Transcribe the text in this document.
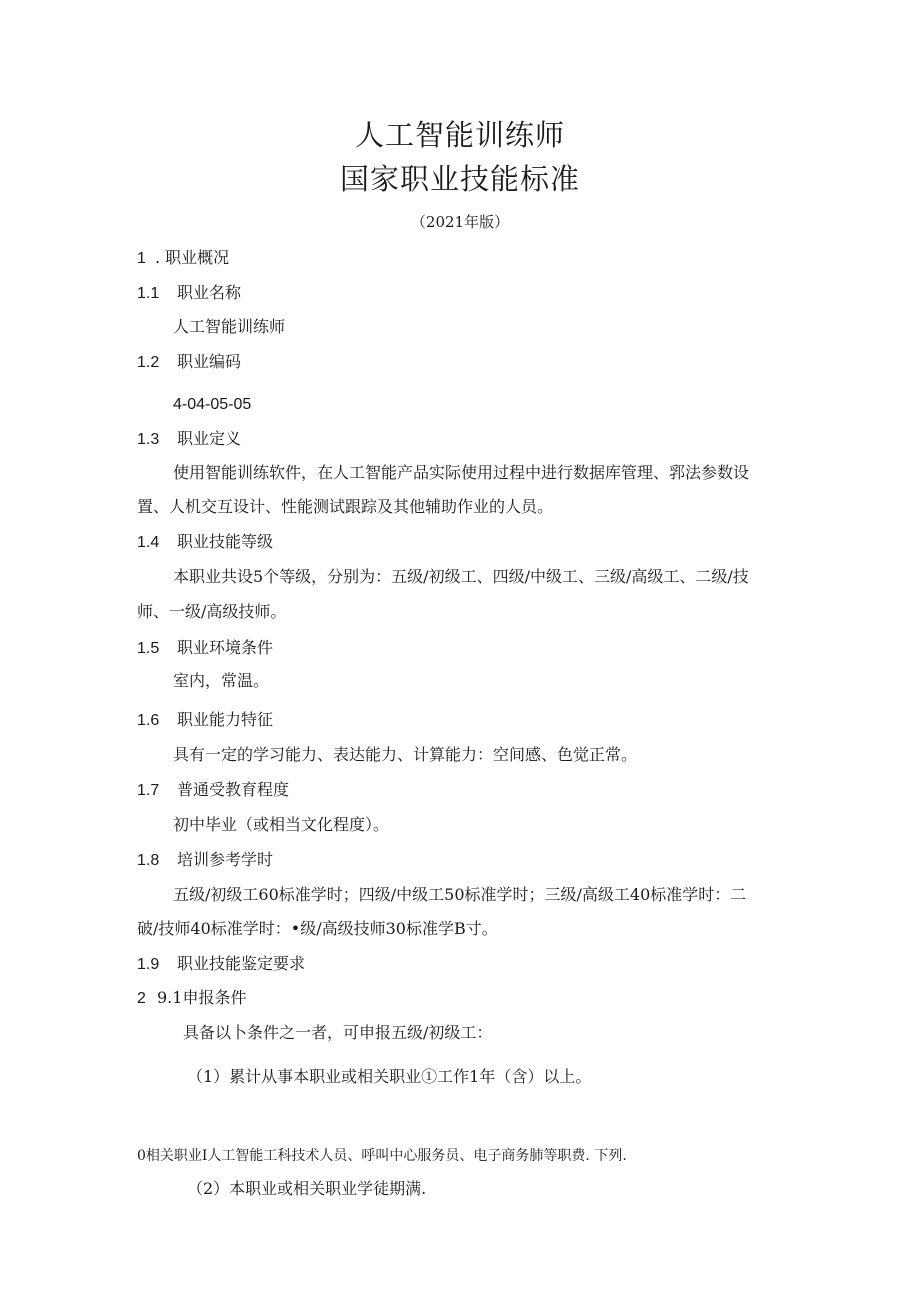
人工智能训练师
国家职业技能标准
（2021年版）
1 . 职业概况
1.1 职业名称
人工智能训练师
1.2 职业编码
4-04-05-05
1.3 职业定义
使用智能训练软件，在人工智能产品实际使用过程中进行数据库管理、郛法参数设
置、人机交互设计、性能测试跟踪及其他辅助作业的人员。
1.4 职业技能等级
本职业共设5个等级，分别为：五级/初级工、四级/中级工、三级/高级工、二级/技
师、一级/高级技师。
1.5 职业环境条件
室内，常温。
1.6 职业能力特征
具有一定的学习能力、表达能力、计算能力：空间感、色觉正常。
1.7 普通受教育程度
初中毕业（或相当文化程度）。
1.8 培训参考学时
五级/初级工60标准学时；四级/中级工50标准学时；三级/高级工40标准学时：二
破/技师40标准学时：•级/高级技师30标准学B寸。
1.9 职业技能鉴定要求
2 9.1申报条件
具备以卜条件之一者，可申报五级/初级工：
（1）累计从事本职业或相关职业①工作1年（含）以上。
0相关职业I人工智能工科技术人员、呼叫中心服务员、电子商务肺等职费. 下列.
（2）本职业或相关职业学徒期满.
